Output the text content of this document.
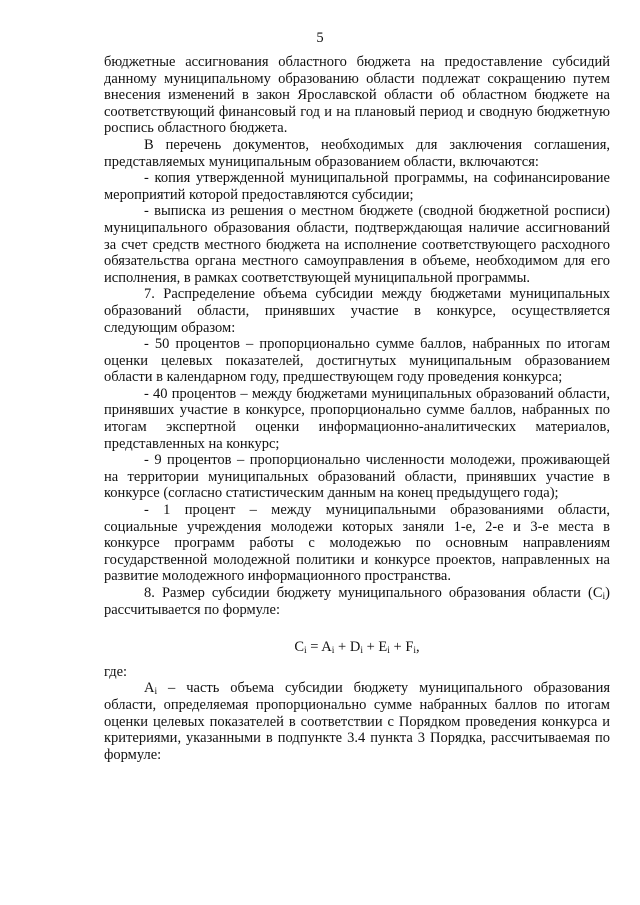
5

бюджетные ассигнования областного бюджета на предоставление субсидий данному муниципальному образованию области подлежат сокращению путем внесения изменений в закон Ярославской области об областном бюджете на соответствующий финансовый год и на плановый период и сводную бюджетную роспись областного бюджета.

В перечень документов, необходимых для заключения соглашения, представляемых муниципальным образованием области, включаются:

- копия утвержденной муниципальной программы, на софинансирование мероприятий которой предоставляются субсидии;

- выписка из решения о местном бюджете (сводной бюджетной росписи) муниципального образования области, подтверждающая наличие ассигнований за счет средств местного бюджета на исполнение соответствующего расходного обязательства органа местного самоуправления в объеме, необходимом для его исполнения, в рамках соответствующей муниципальной программы.

7. Распределение объема субсидии между бюджетами муниципальных образований области, принявших участие в конкурсе, осуществляется следующим образом:

- 50 процентов – пропорционально сумме баллов, набранных по итогам оценки целевых показателей, достигнутых муниципальным образованием области в календарном году, предшествующем году проведения конкурса;

- 40 процентов – между бюджетами муниципальных образований области, принявших участие в конкурсе, пропорционально сумме баллов, набранных по итогам экспертной оценки информационно-аналитических материалов, представленных на конкурс;

- 9 процентов – пропорционально численности молодежи, проживающей на территории муниципальных образований области, принявших участие в конкурсе (согласно статистическим данным на конец предыдущего года);

- 1 процент – между муниципальными образованиями области, социальные учреждения молодежи которых заняли 1-е, 2-е и 3-е места в конкурсе программ работы с молодежью по основным направлениям государственной молодежной политики и конкурсе проектов, направленных на развитие молодежного информационного пространства.

8. Размер субсидии бюджету муниципального образования области $(С_i)$ рассчитывается по формуле:

$С_i = A_i + D_i + E_i + F_i$,

где:

$А_i$ – часть объема субсидии бюджету муниципального образования области, определяемая пропорционально сумме набранных баллов по итогам оценки целевых показателей в соответствии с Порядком проведения конкурса и критериями, указанными в подпункте 3.4 пункта 3 Порядка, рассчитываемая по формуле:
